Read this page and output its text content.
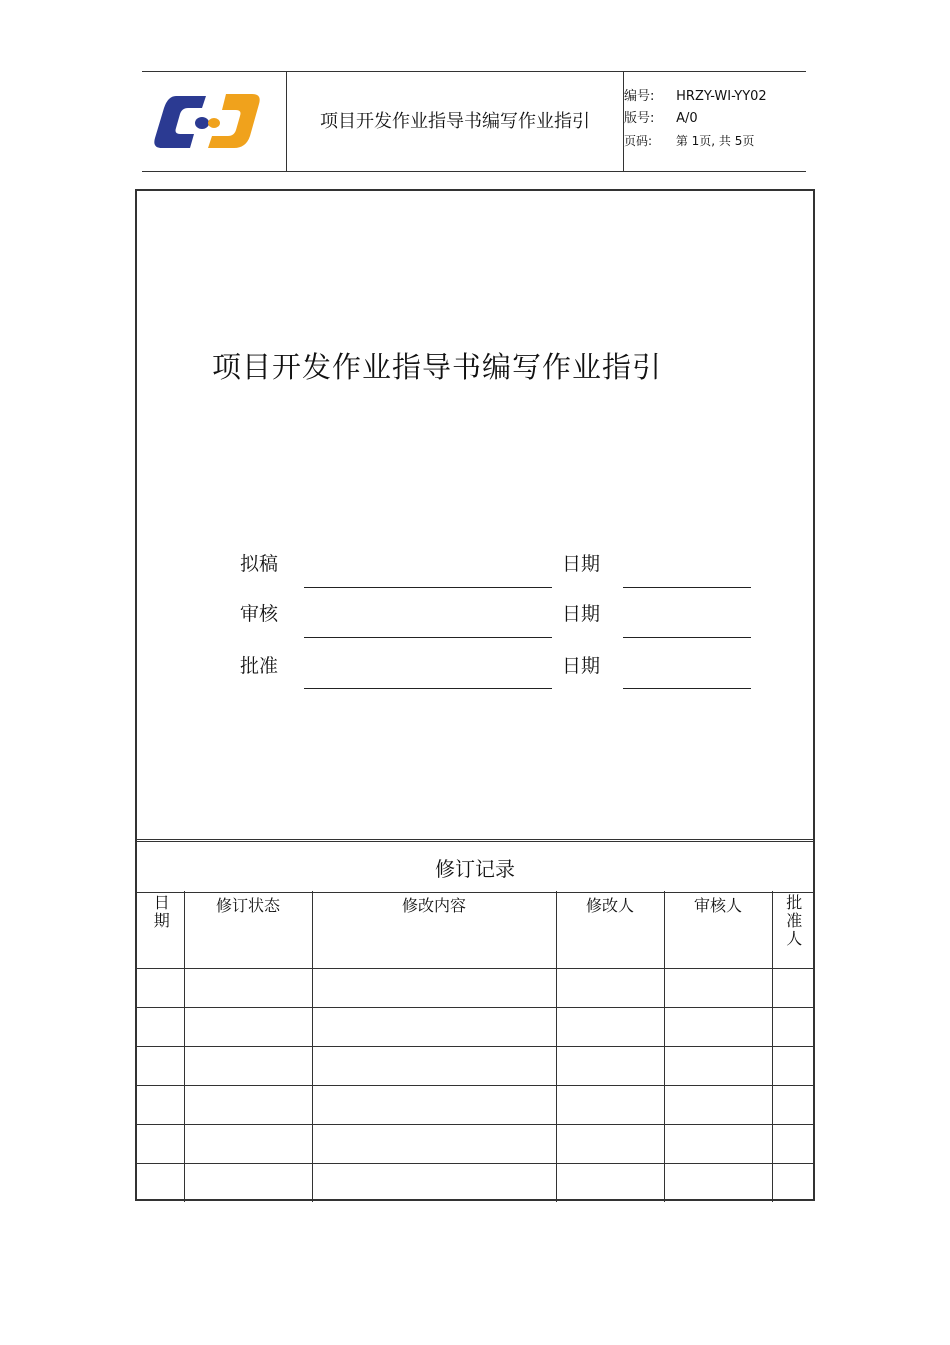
项目开发作业指导书编写作业指引
编号: HRZY-WI-YY02
版号: A/0
页码: 第 1页, 共 5页
项目开发作业指导书编写作业指引
拟稿	日期
审核	日期
批准	日期
修订记录
日期	修订状态	修改内容	修改人	审核人	批准人
